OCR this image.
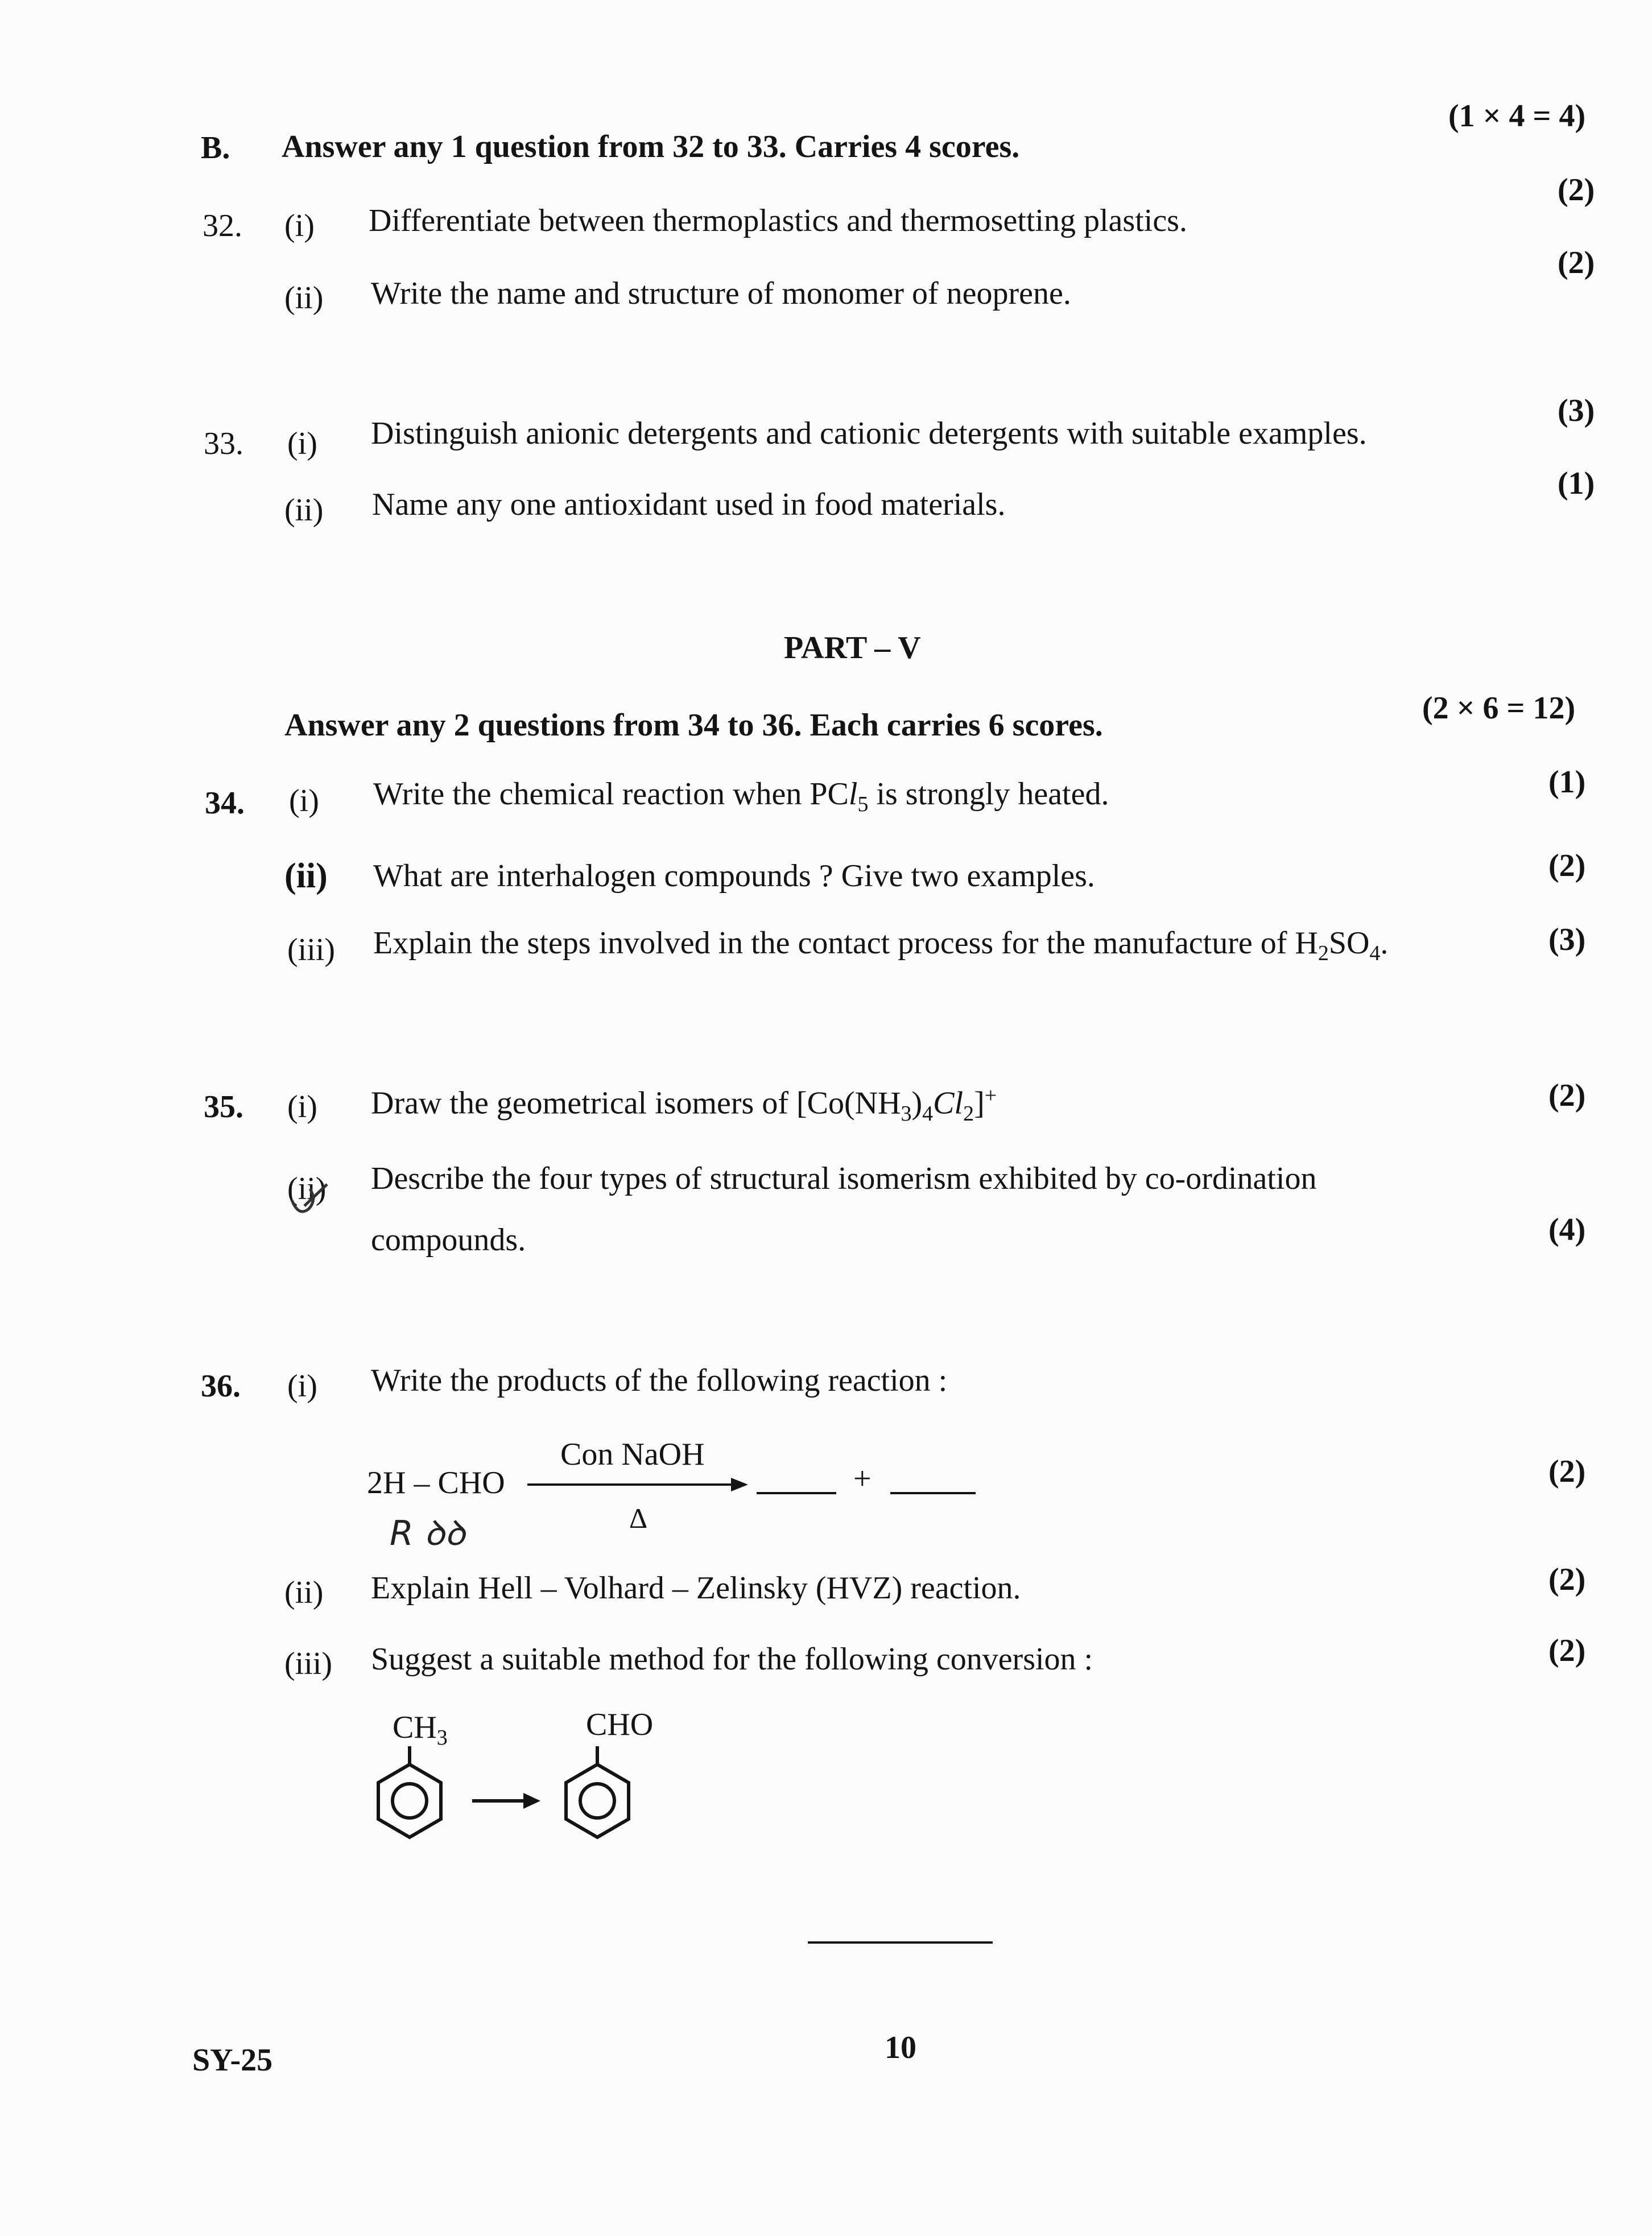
B. Answer any 1 question from 32 to 33. Carries 4 scores.
(1 × 4 = 4)
32. (i) Differentiate between thermoplastics and thermosetting plastics.
(2)
(ii) Write the name and structure of monomer of neoprene.
(2)
33. (i) Distinguish anionic detergents and cationic detergents with suitable examples.
(3)
(ii) Name any one antioxidant used in food materials.
(1)
PART – V
Answer any 2 questions from 34 to 36. Each carries 6 scores.	(2 × 6 = 12)
34. (i) Write the chemical reaction when PCl$_5$ is strongly heated.	(1)
(ii) What are interhalogen compounds ? Give two examples.	(2)
(iii) Explain the steps involved in the contact process for the manufacture of $H_2SO_4$.	(3)
35. (i) Draw the geometrical isomers of $[Co(NH_3)_4Cl_2]^+$	(2)
(ii) Describe the four types of structural isomerism exhibited by co-ordination
compounds.	(4)
36. (i) Write the products of the following reaction :
2H – CHO
Con NaOH
Δ
+
R ꝺꝺ
(2)
(ii) Explain Hell – Volhard – Zelinsky (HVZ) reaction.	(2)
(iii) Suggest a suitable method for the following conversion :	(2)
$CH_3$	CHO
SY-25	10
